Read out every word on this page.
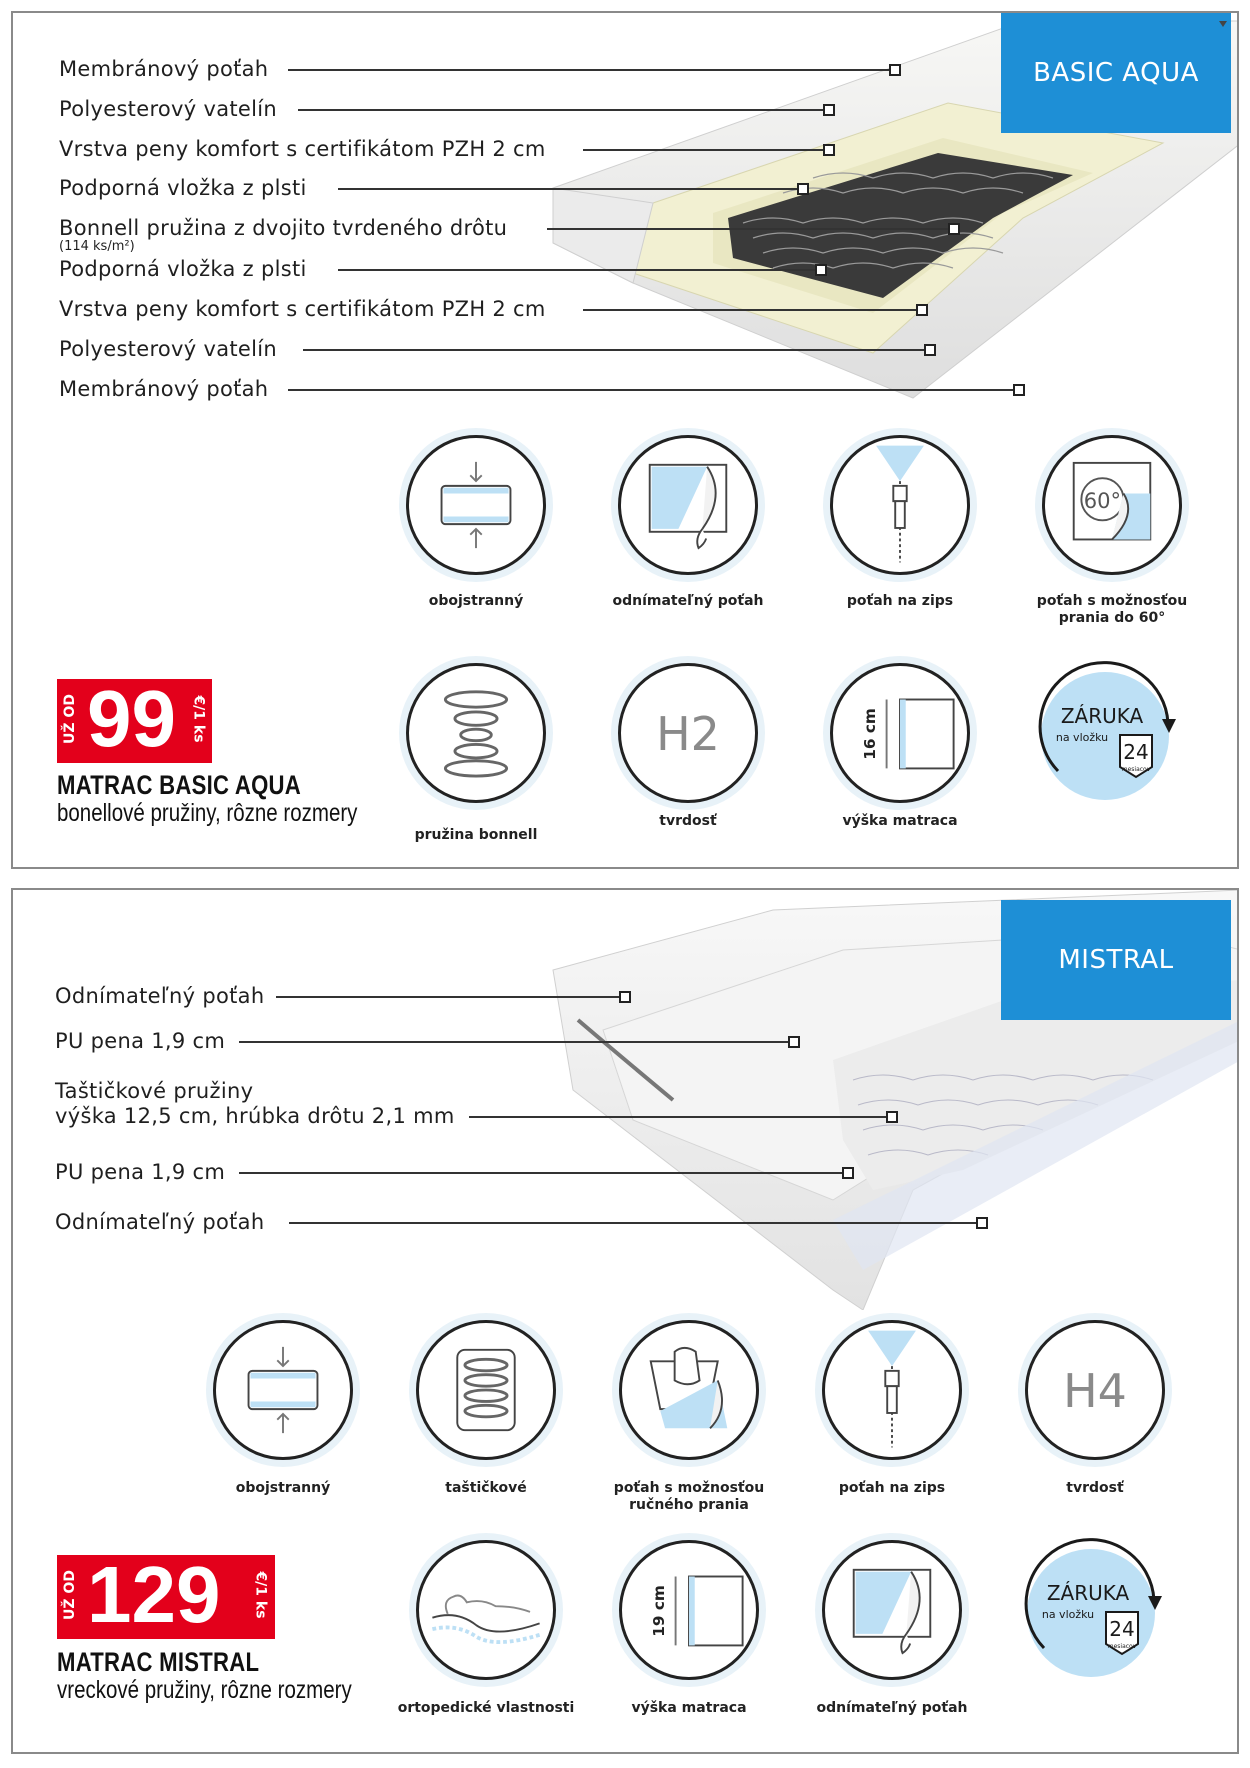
BASIC AQUA
Membránový poťah
Polyesterový vatelín
Vrstva peny komfort s certifikátom PZH 2 cm
Podporná vložka z plsti
Bonnell pružina z dvojito tvrdeného drôtu
(114 ks/m²)
Podporná vložka z plsti
Vrstva peny komfort s certifikátom PZH 2 cm
Polyesterový vatelín
Membránový poťah
obojstranný	odnímateľný poťah	poťah na zips
60°
poťah s možnosťou prania do 60°
pružina bonnell
H2
tvrdosť
16 cm
výška matraca
ZÁRUKA
na vložku
24
mesiacov
UŽ OD 99 €/1 ks
MATRAC BASIC AQUA
bonellové pružiny, rôzne rozmery
MISTRAL
Odnímateľný poťah
PU pena 1,9 cm
Taštičkové pružiny
výška 12,5 cm, hrúbka drôtu 2,1 mm
PU pena 1,9 cm
Odnímateľný poťah
obojstranný	taštičkové	poťah s možnosťou ručného prania
poťah na zips
H4
tvrdosť
ortopedické vlastnosti
19 cm
výška matraca	odnímateľný poťah
ZÁRUKA
na vložku
24
mesiacov
UŽ OD 129 €/1 ks
MATRAC MISTRAL
vreckové pružiny, rôzne rozmery
